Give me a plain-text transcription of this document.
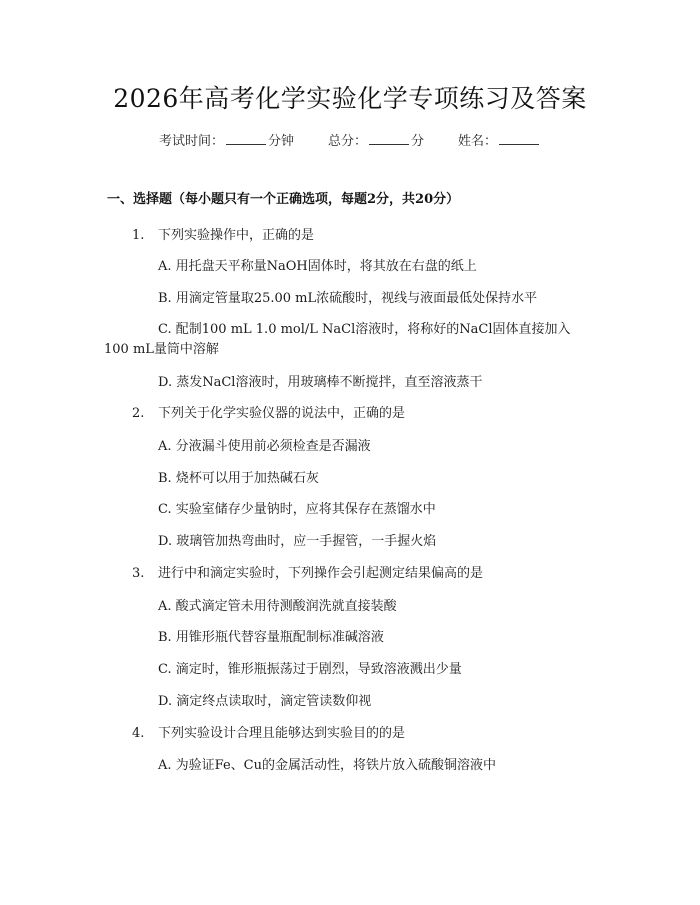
2026年高考化学实验化学专项练习及答案
考试时间：	分钟	总分：	分	姓名：
一、选择题（每小题只有一个正确选项，每题2分，共20分）
1. 下列实验操作中，正确的是
A. 用托盘天平称量NaOH固体时，将其放在右盘的纸上
B. 用滴定管量取25.00 mL浓硫酸时，视线与液面最低处保持水平
C. 配制100 mL 1.0 mol/L NaCl溶液时，将称好的NaCl固体直接加入
100 mL量筒中溶解
D. 蒸发NaCl溶液时，用玻璃棒不断搅拌，直至溶液蒸干
2. 下列关于化学实验仪器的说法中，正确的是
A. 分液漏斗使用前必须检查是否漏液
B. 烧杯可以用于加热碱石灰
C. 实验室储存少量钠时，应将其保存在蒸馏水中
D. 玻璃管加热弯曲时，应一手握管，一手握火焰
3. 进行中和滴定实验时，下列操作会引起测定结果偏高的是
A. 酸式滴定管未用待测酸润洗就直接装酸
B. 用锥形瓶代替容量瓶配制标准碱溶液
C. 滴定时，锥形瓶振荡过于剧烈，导致溶液溅出少量
D. 滴定终点读取时，滴定管读数仰视
4. 下列实验设计合理且能够达到实验目的的是
A. 为验证Fe、Cu的金属活动性，将铁片放入硫酸铜溶液中
